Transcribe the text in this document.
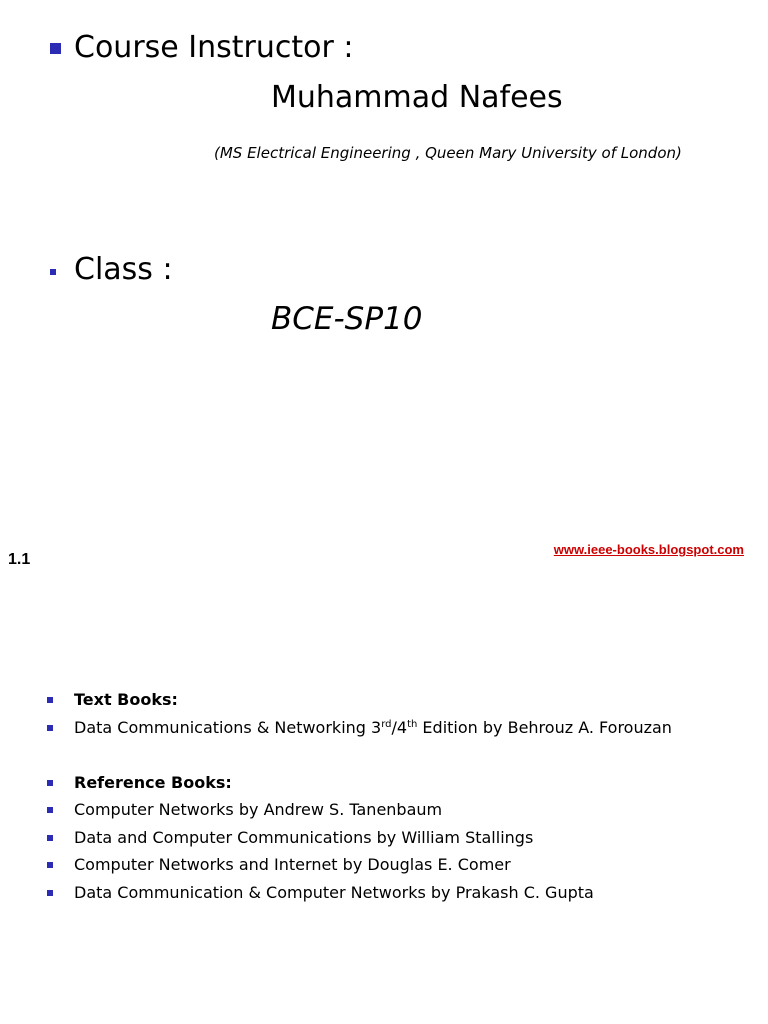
Course Instructor :
Muhammad Nafees
(MS Electrical Engineering , Queen Mary University of London)
Class :
BCE-SP10
1.1
www.ieee-books.blogspot.com
Text Books:
Data Communications & Networking 3rd/4th Edition by Behrouz A. Forouzan
Reference Books:
Computer Networks by Andrew S. Tanenbaum
Data and Computer Communications by William Stallings
Computer Networks and Internet by Douglas E. Comer
Data Communication & Computer Networks by Prakash C. Gupta
